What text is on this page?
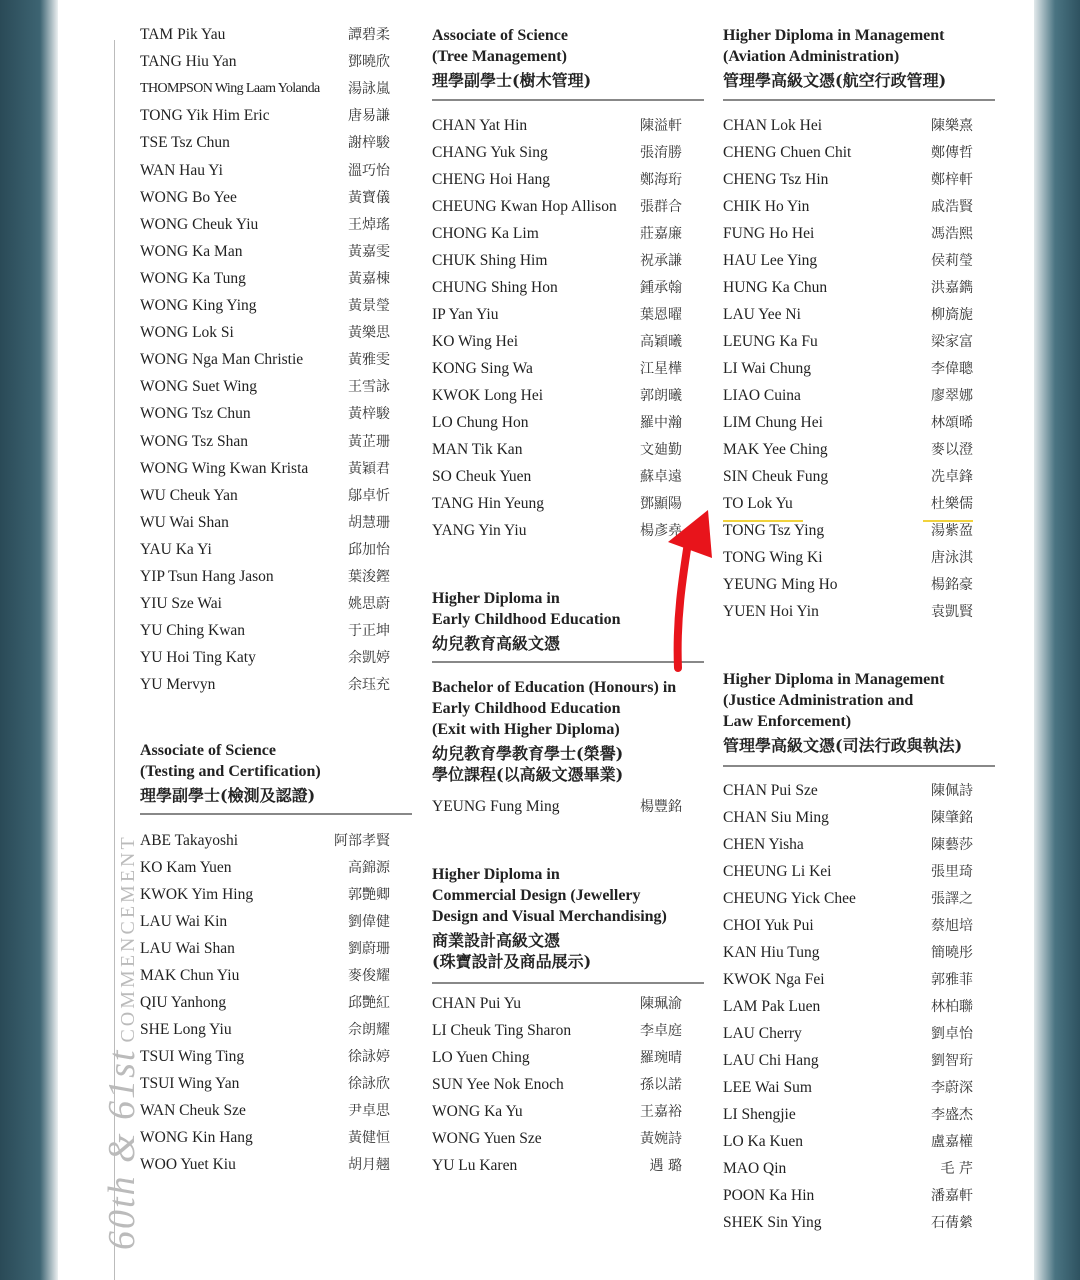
60th & 61st COMMENCEMENT
TAM Pik Yau	譚碧柔
TANG Hiu Yan	鄧曉欣
THOMPSON Wing Laam Yolanda 湯詠嵐
TONG Yik Him Eric	唐易謙
TSE Tsz Chun	謝梓駿
WAN Hau Yi	溫巧怡
WONG Bo Yee	黃寶儀
WONG Cheuk Yiu	王焯瑤
WONG Ka Man	黃嘉雯
WONG Ka Tung	黃嘉棟
WONG King Ying	黃景瑩
WONG Lok Si	黃樂思
WONG Nga Man Christie	黃雅雯
WONG Suet Wing	王雪詠
WONG Tsz Chun	黃梓駿
WONG Tsz Shan	黃芷珊
WONG Wing Kwan Krista	黃穎君
WU Cheuk Yan	鄔卓忻
WU Wai Shan	胡慧珊
YAU Ka Yi	邱加怡
YIP Tsun Hang Jason	葉浚鏗
YIU Sze Wai	姚思蔚
YU Ching Kwan	于正坤
YU Hoi Ting Katy	余凱婷
YU Mervyn	余珏充
Associate of Science
(Testing and Certification)
理學副學士(檢測及認證)
ABE Takayoshi	阿部孝賢
KO Kam Yuen	高錦源
KWOK Yim Hing	郭艷卿
LAU Wai Kin	劉偉健
LAU Wai Shan	劉蔚珊
MAK Chun Yiu	麥俊耀
QIU Yanhong	邱艷紅
SHE Long Yiu	佘朗耀
TSUI Wing Ting	徐詠婷
TSUI Wing Yan	徐詠欣
WAN Cheuk Sze	尹卓思
WONG Kin Hang	黃健恒
WOO Yuet Kiu	胡月翹
Associate of Science
(Tree Management)
理學副學士(樹木管理)
CHAN Yat Hin	陳溢軒
CHANG Yuk Sing	張淯勝
CHENG Hoi Hang	鄭海珩
CHEUNG Kwan Hop Allison 張群合
CHONG Ka Lim	莊嘉廉
CHUK Shing Him	祝承謙
CHUNG Shing Hon	鍾承翰
IP Yan Yiu	葉恩曜
KO Wing Hei	高穎曦
KONG Sing Wa	江星樺
KWOK Long Hei	郭朗曦
LO Chung Hon	羅中瀚
MAN Tik Kan	文廸勤
SO Cheuk Yuen	蘇卓遠
TANG Hin Yeung	鄧顯陽
YANG Yin Yiu	楊彥堯
Higher Diploma in
Early Childhood Education
幼兒教育高級文憑
Bachelor of Education (Honours) in
Early Childhood Education
(Exit with Higher Diploma)
幼兒教育學教育學士(榮譽)
學位課程(以高級文憑畢業)
YEUNG Fung Ming	楊豐銘
Higher Diploma in
Commercial Design (Jewellery
Design and Visual Merchandising)
商業設計高級文憑
(珠寶設計及商品展示)
CHAN Pui Yu	陳珮渝
LI Cheuk Ting Sharon	李卓庭
LO Yuen Ching	羅琬晴
SUN Yee Nok Enoch	孫以諾
WONG Ka Yu	王嘉裕
WONG Yuen Sze	黃婉詩
YU Lu Karen	遇 璐
Higher Diploma in Management
(Aviation Administration)
管理學高級文憑(航空行政管理)
CHAN Lok Hei	陳樂熹
CHENG Chuen Chit	鄭傳哲
CHENG Tsz Hin	鄭梓軒
CHIK Ho Yin	戚浩賢
FUNG Ho Hei	馮浩熙
HAU Lee Ying	侯莉瑩
HUNG Ka Chun	洪嘉鐫
LAU Yee Ni	柳旖旎
LEUNG Ka Fu	梁家富
LI Wai Chung	李偉聰
LIAO Cuina	廖翠娜
LIM Chung Hei	林頌晞
MAK Yee Ching	麥以澄
SIN Cheuk Fung	冼卓鋒
TO Lok Yu	杜樂儒
TONG Tsz Ying	湯紫盈
TONG Wing Ki	唐泳淇
YEUNG Ming Ho	楊銘豪
YUEN Hoi Yin	袁凱賢
Higher Diploma in Management
(Justice Administration and
Law Enforcement)
管理學高級文憑(司法行政與執法)
CHAN Pui Sze	陳佩詩
CHAN Siu Ming	陳肇銘
CHEN Yisha	陳藝莎
CHEUNG Li Kei	張里琦
CHEUNG Yick Chee	張譯之
CHOI Yuk Pui	蔡旭培
KAN Hiu Tung	簡曉彤
KWOK Nga Fei	郭雅菲
LAM Pak Luen	林柏聯
LAU Cherry	劉卓怡
LAU Chi Hang	劉智珩
LEE Wai Sum	李蔚深
LI Shengjie	李盛杰
LO Ka Kuen	盧嘉權
MAO Qin	毛 芹
POON Ka Hin	潘嘉軒
SHEK Sin Ying	石蒨縈
